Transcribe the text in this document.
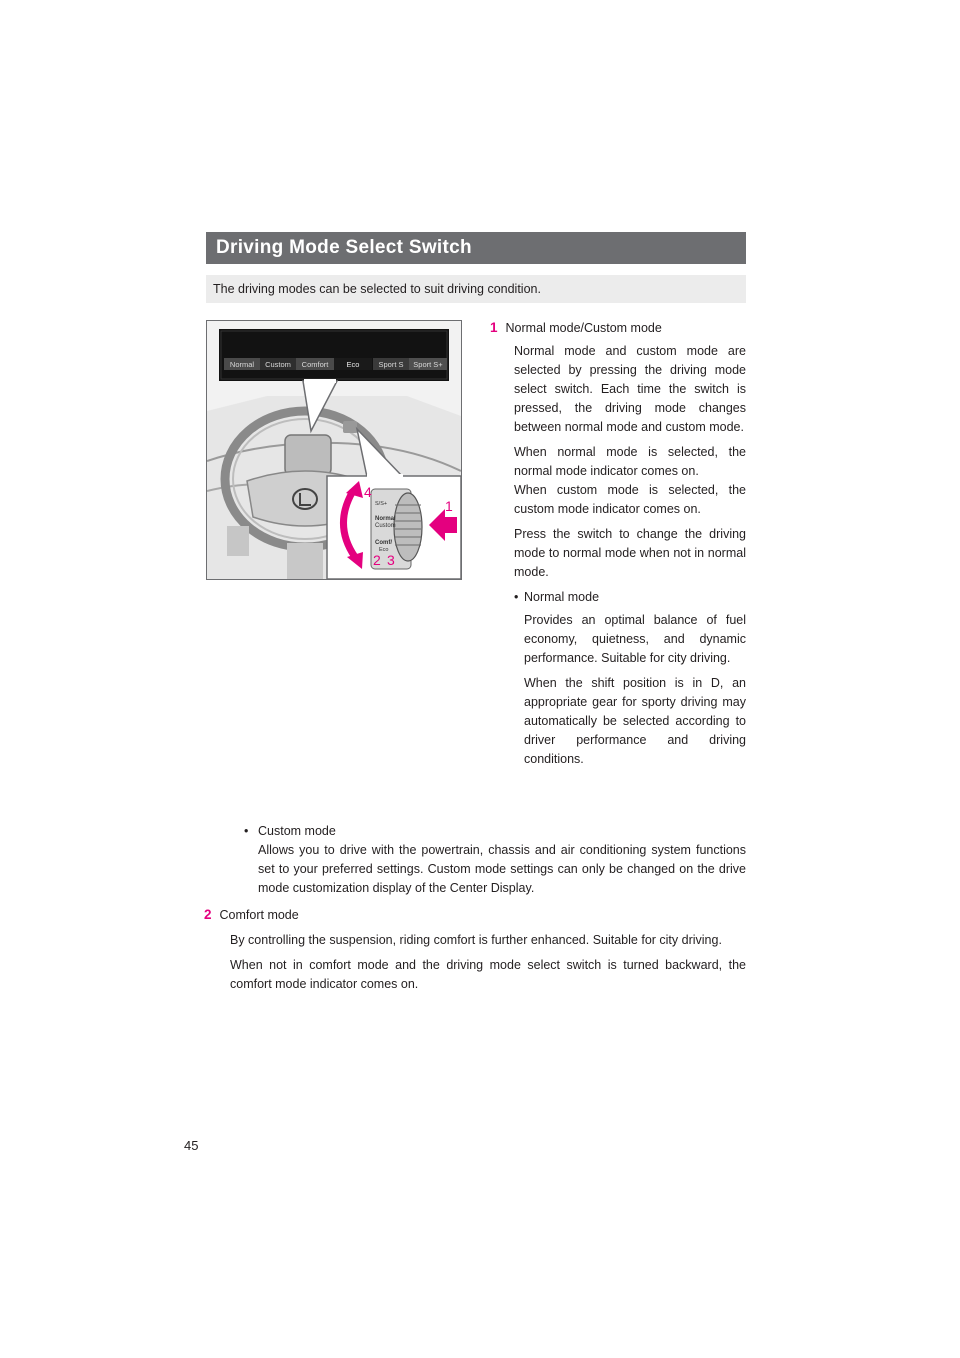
Driving Mode Select Switch
The driving modes can be selected to suit driving condition.
Normal Custom Comfort Eco	Sport S Sport S+
S/S+
Normal
Custom
Comf/
Eco
4
1
2 3
1 Normal mode/Custom mode

Normal mode and custom mode are selected by pressing the driving mode select switch. Each time the switch is pressed, the driving mode changes between normal mode and custom mode.

When normal mode is selected, the normal mode indicator comes on.

When custom mode is selected, the custom mode indicator comes on.

Press the switch to change the driving mode to normal mode when not in normal mode.

• Normal mode

Provides an optimal balance of fuel economy, quietness, and dynamic performance. Suitable for city driving.

When the shift position is in D, an appropriate gear for sporty driving may automatically be selected according to driver performance and driving conditions.

• Custom mode

Allows you to drive with the powertrain, chassis and air conditioning system functions set to your preferred settings. Custom mode settings can only be changed on the drive mode customization display of the Center Display.

2 Comfort mode

By controlling the suspension, riding comfort is further enhanced. Suitable for city driving.

When not in comfort mode and the driving mode select switch is turned backward, the comfort mode indicator comes on.

45
